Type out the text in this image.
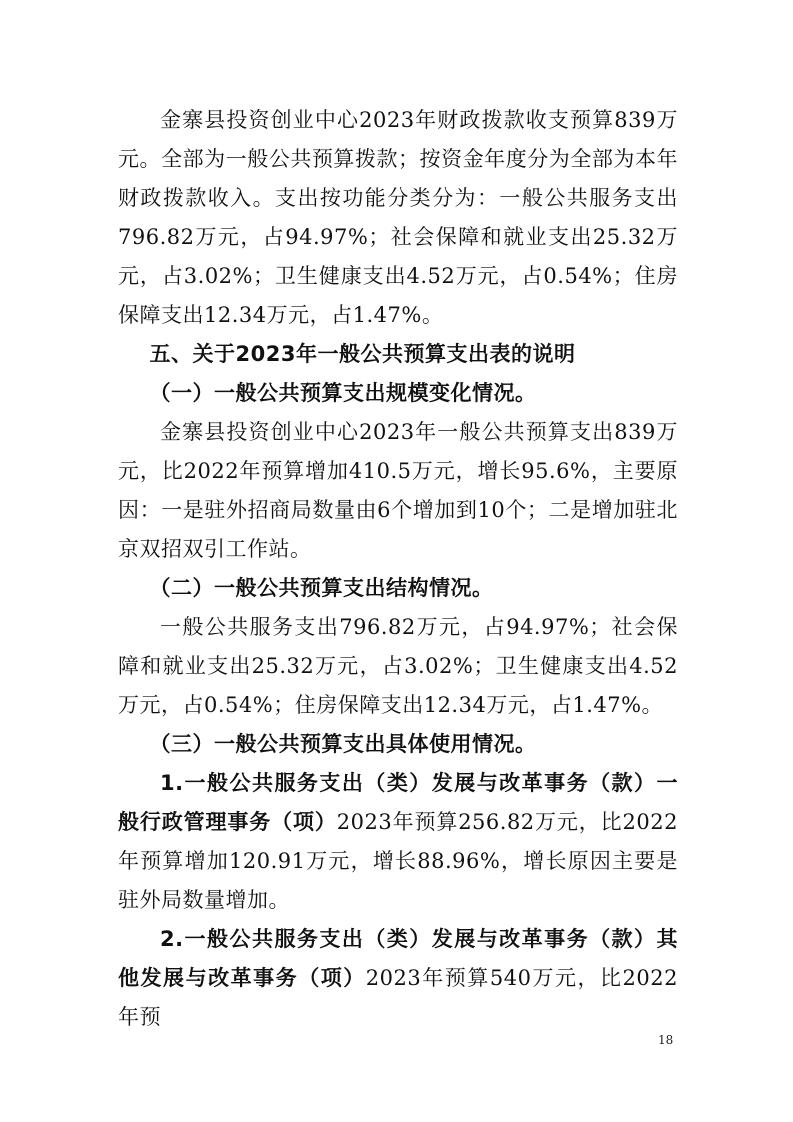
金寨县投资创业中心2023年财政拨款收支预算839万元。全部为一般公共预算拨款；按资金年度分为全部为本年财政拨款收入。支出按功能分类分为：一般公共服务支出796.82万元，占94.97%；社会保障和就业支出25.32万元，占3.02%；卫生健康支出4.52万元，占0.54%；住房保障支出12.34万元，占1.47%。

五、关于2023年一般公共预算支出表的说明

（一）一般公共预算支出规模变化情况。

金寨县投资创业中心2023年一般公共预算支出839万元，比2022年预算增加410.5万元，增长95.6%，主要原因：一是驻外招商局数量由6个增加到10个；二是增加驻北京双招双引工作站。

（二）一般公共预算支出结构情况。

一般公共服务支出796.82万元，占94.97%；社会保障和就业支出25.32万元，占3.02%；卫生健康支出4.52万元，占0.54%；住房保障支出12.34万元，占1.47%。

（三）一般公共预算支出具体使用情况。

1.一般公共服务支出（类）发展与改革事务（款）一般行政管理事务（项）2023年预算256.82万元，比2022年预算增加120.91万元，增长88.96%，增长原因主要是驻外局数量增加。

2.一般公共服务支出（类）发展与改革事务（款）其他发展与改革事务（项）2023年预算540万元，比2022年预

18
